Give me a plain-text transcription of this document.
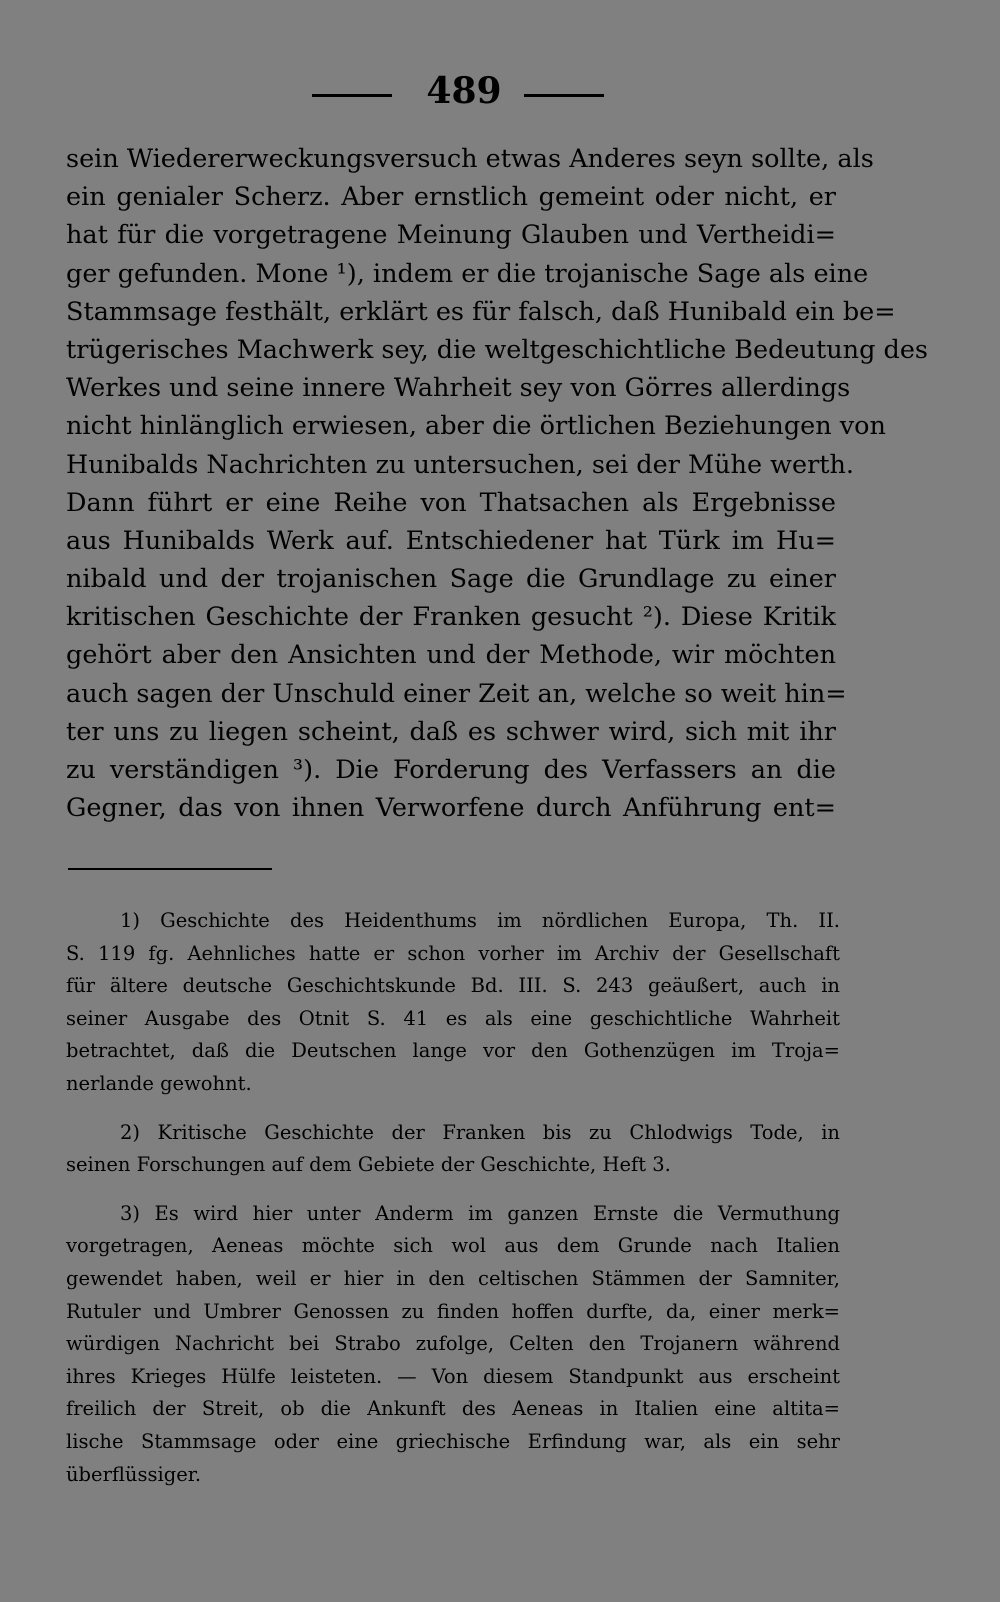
489
sein Wiedererweckungsversuch etwas Anderes seyn sollte, als
ein genialer Scherz. Aber ernstlich gemeint oder nicht, er
hat für die vorgetragene Meinung Glauben und Vertheidi=
ger gefunden. Mone ¹), indem er die trojanische Sage als eine
Stammsage festhält, erklärt es für falsch, daß Hunibald ein be=
trügerisches Machwerk sey, die weltgeschichtliche Bedeutung des
Werkes und seine innere Wahrheit sey von Görres allerdings
nicht hinlänglich erwiesen, aber die örtlichen Beziehungen von
Hunibalds Nachrichten zu untersuchen, sei der Mühe werth.
Dann führt er eine Reihe von Thatsachen als Ergebnisse
aus Hunibalds Werk auf. Entschiedener hat Türk im Hu=
nibald und der trojanischen Sage die Grundlage zu einer
kritischen Geschichte der Franken gesucht ²). Diese Kritik
gehört aber den Ansichten und der Methode, wir möchten
auch sagen der Unschuld einer Zeit an, welche so weit hin=
ter uns zu liegen scheint, daß es schwer wird, sich mit ihr
zu verständigen ³). Die Forderung des Verfassers an die
Gegner, das von ihnen Verworfene durch Anführung ent=
1) Geschichte des Heidenthums im nördlichen Europa, Th. II.
S. 119 fg. Aehnliches hatte er schon vorher im Archiv der Gesellschaft
für ältere deutsche Geschichtskunde Bd. III. S. 243 geäußert, auch in
seiner Ausgabe des Otnit S. 41 es als eine geschichtliche Wahrheit
betrachtet, daß die Deutschen lange vor den Gothenzügen im Troja=
nerlande gewohnt.
2) Kritische Geschichte der Franken bis zu Chlodwigs Tode, in
seinen Forschungen auf dem Gebiete der Geschichte, Heft 3.
3) Es wird hier unter Anderm im ganzen Ernste die Vermuthung
vorgetragen, Aeneas möchte sich wol aus dem Grunde nach Italien
gewendet haben, weil er hier in den celtischen Stämmen der Samniter,
Rutuler und Umbrer Genossen zu finden hoffen durfte, da, einer merk=
würdigen Nachricht bei Strabo zufolge, Celten den Trojanern während
ihres Krieges Hülfe leisteten. — Von diesem Standpunkt aus erscheint
freilich der Streit, ob die Ankunft des Aeneas in Italien eine altita=
lische Stammsage oder eine griechische Erfindung war, als ein sehr
überflüssiger.
